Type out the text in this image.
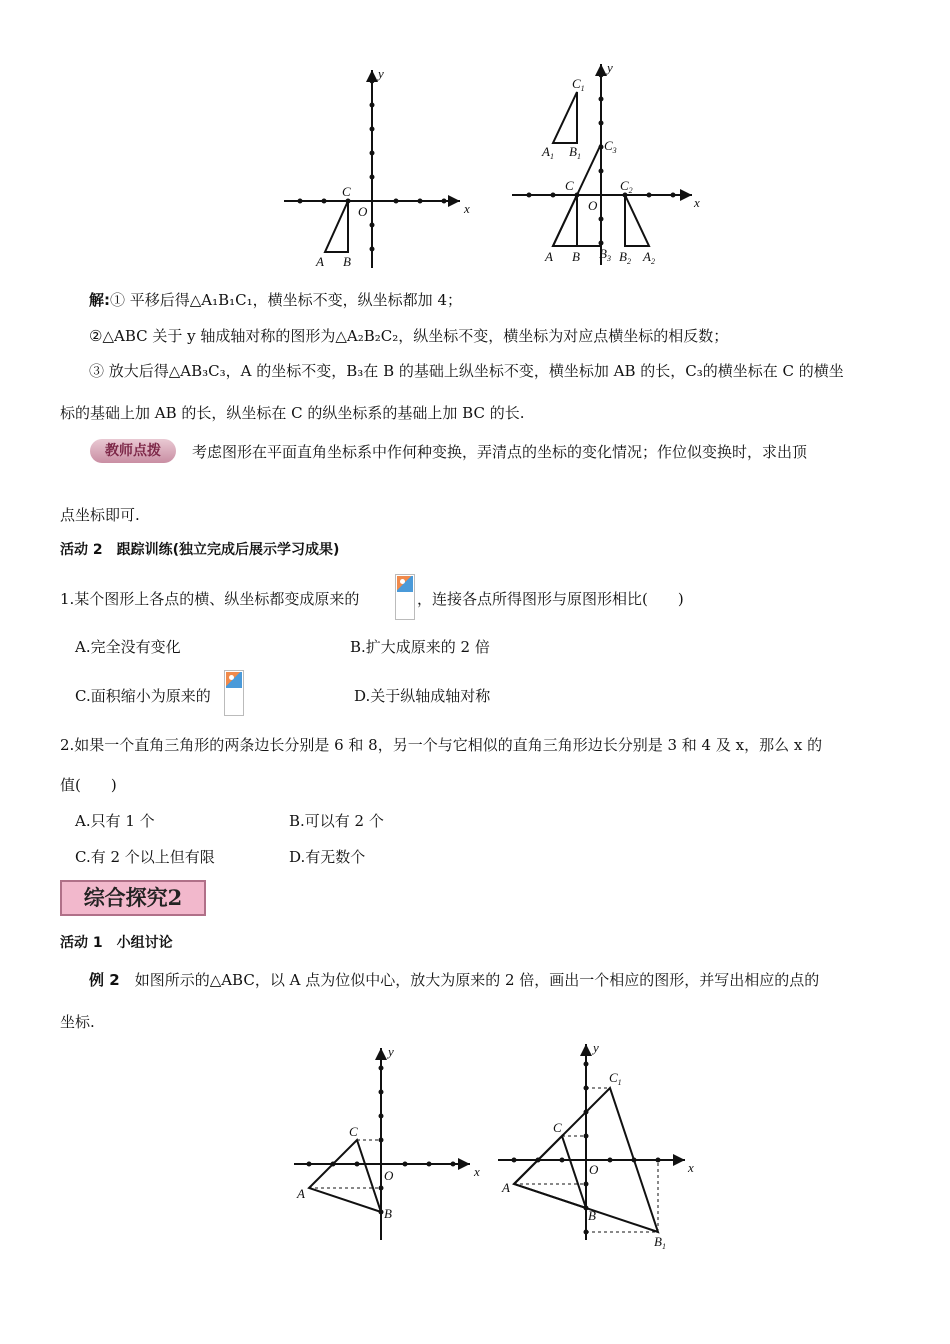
y
x
O
C
A B
y
x
O
C
A B
$C_1$
$A_1$ $B_1$
$C_3$
$C_2$
$B_3$ $B_2$ $A_2$
解:① 平移后得△A₁B₁C₁，横坐标不变，纵坐标都加 4；
②△ABC 关于 y 轴成轴对称的图形为△A₂B₂C₂，纵坐标不变，横坐标为对应点横坐标的相反数；
③ 放大后得△AB₃C₃，A 的坐标不变，B₃在 B 的基础上纵坐标不变，横坐标加 AB 的长，C₃的横坐标在 C 的横坐
标的基础上加 AB 的长，纵坐标在 C 的纵坐标系的基础上加 BC 的长.
教师点拨	考虑图形在平面直角坐标系中作何种变换，弄清点的坐标的变化情况；作位似变换时，求出顶
点坐标即可.
活动 2　跟踪训练(独立完成后展示学习成果)
1.某个图形上各点的横、纵坐标都变成原来的	，连接各点所得图形与原图形相比(　　)
A.完全没有变化	B.扩大成原来的 2 倍
C.面积缩小为原来的	D.关于纵轴成轴对称
2.如果一个直角三角形的两条边长分别是 6 和 8，另一个与它相似的直角三角形边长分别是 3 和 4 及 x，那么 x 的
值(　　)
A.只有 1 个	B.可以有 2 个
C.有 2 个以上但有限	D.有无数个
综合探究2
活动 1　小组讨论
例 2　 如图所示的△ABC，以 A 点为位似中心，放大为原来的 2 倍，画出一个相应的图形，并写出相应的点的
坐标.
y
x
O
C
A
B
y
x
O
C
A
B
$C_1$
$B_1$
